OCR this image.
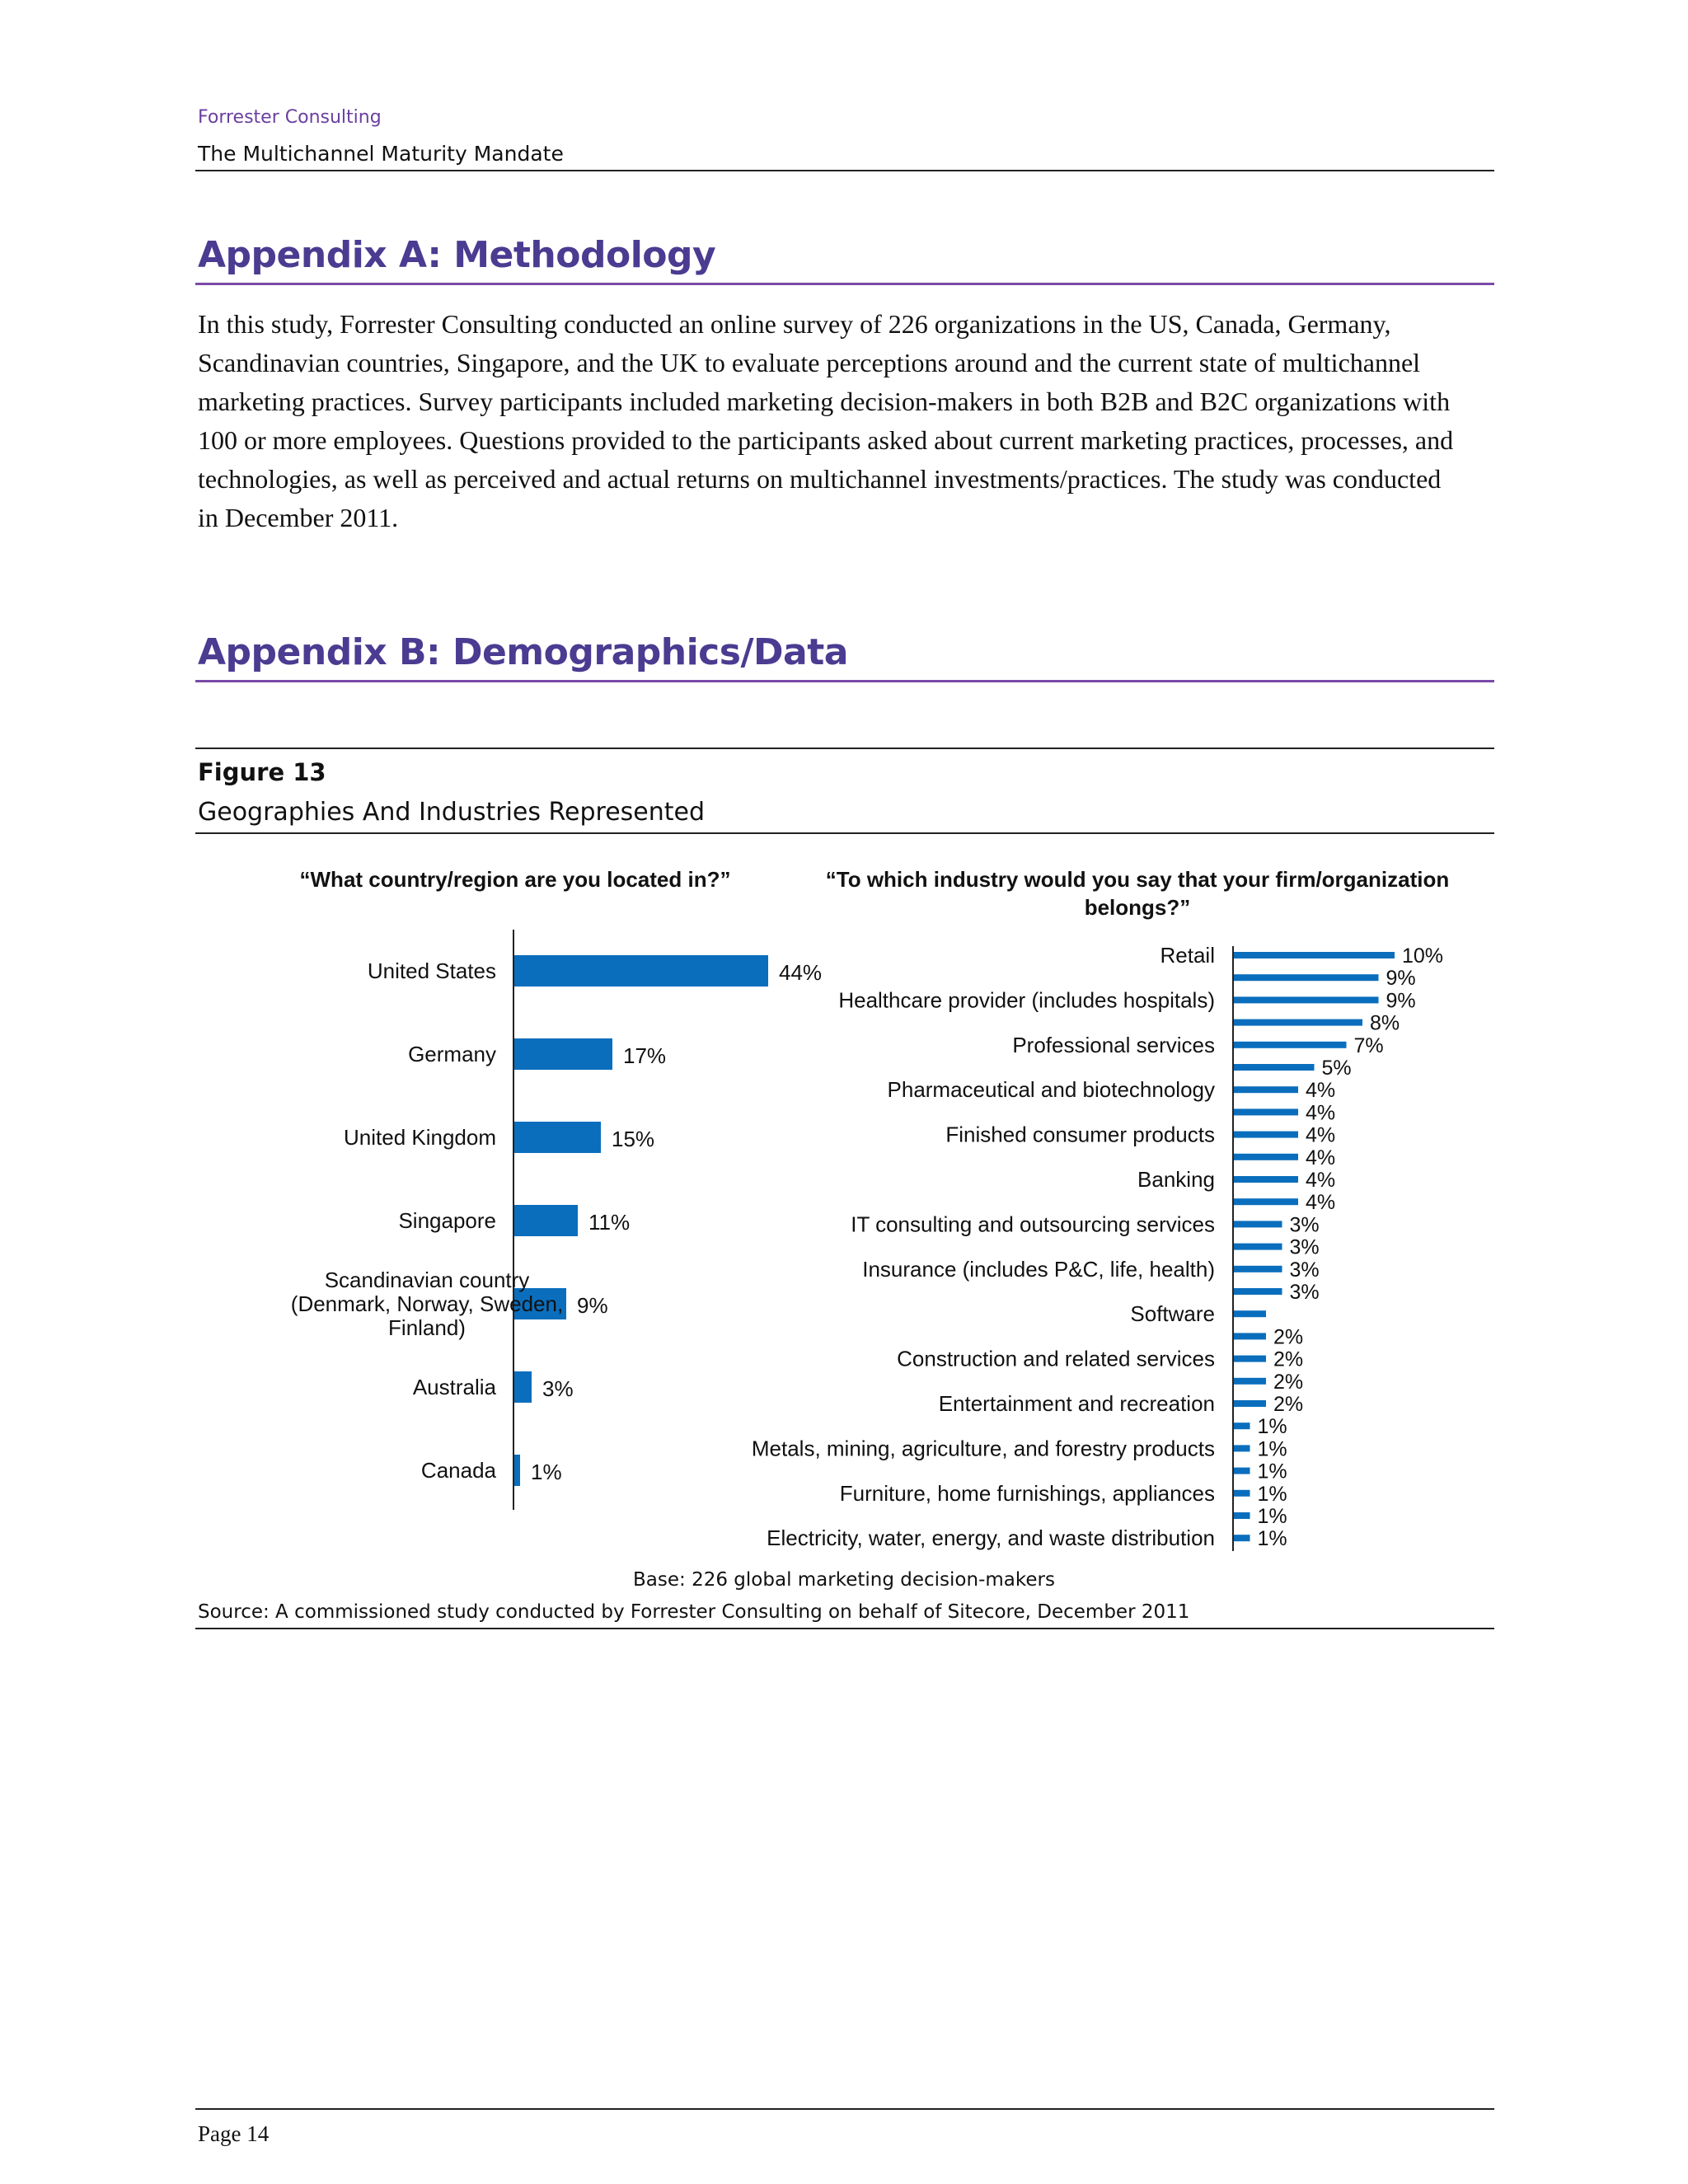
Forrester Consulting
The Multichannel Maturity Mandate
Appendix A: Methodology
In this study, Forrester Consulting conducted an online survey of 226 organizations in the US, Canada, Germany,
Scandinavian countries, Singapore, and the UK to evaluate perceptions around and the current state of multichannel
marketing practices. Survey participants included marketing decision-makers in both B2B and B2C organizations with
100 or more employees. Questions provided to the participants asked about current marketing practices, processes, and
technologies, as well as perceived and actual returns on multichannel investments/practices. The study was conducted
in December 2011.
Appendix B: Demographics/Data
Figure 13
Geographies And Industries Represented
“What country/region are you located in?”	“To which industry would you say that your firm/organization
belongs?”
44%
United States
17%
Germany
15%
United Kingdom
11%
Singapore
9%
Scandinavian country
(Denmark, Norway, Sweden,
Finland)
3%
Australia
1%
Canada
10%
9%
9%
8%
7%
5%
4%
4%
4%
4%
4%
4%
3%
3%
3%
3%
2%
2%
2%
2%
1%
1%
1%
1%
1%
1%
Retail
Healthcare provider (includes hospitals)
Professional services
Pharmaceutical and biotechnology
Finished consumer products
Banking
IT consulting and outsourcing services
Insurance (includes P&C, life, health)
Software
Construction and related services
Entertainment and recreation
Metals, mining, agriculture, and forestry products
Furniture, home furnishings, appliances
Electricity, water, energy, and waste distribution
Base: 226 global marketing decision-makers
Source: A commissioned study conducted by Forrester Consulting on behalf of Sitecore, December 2011
Page 14
